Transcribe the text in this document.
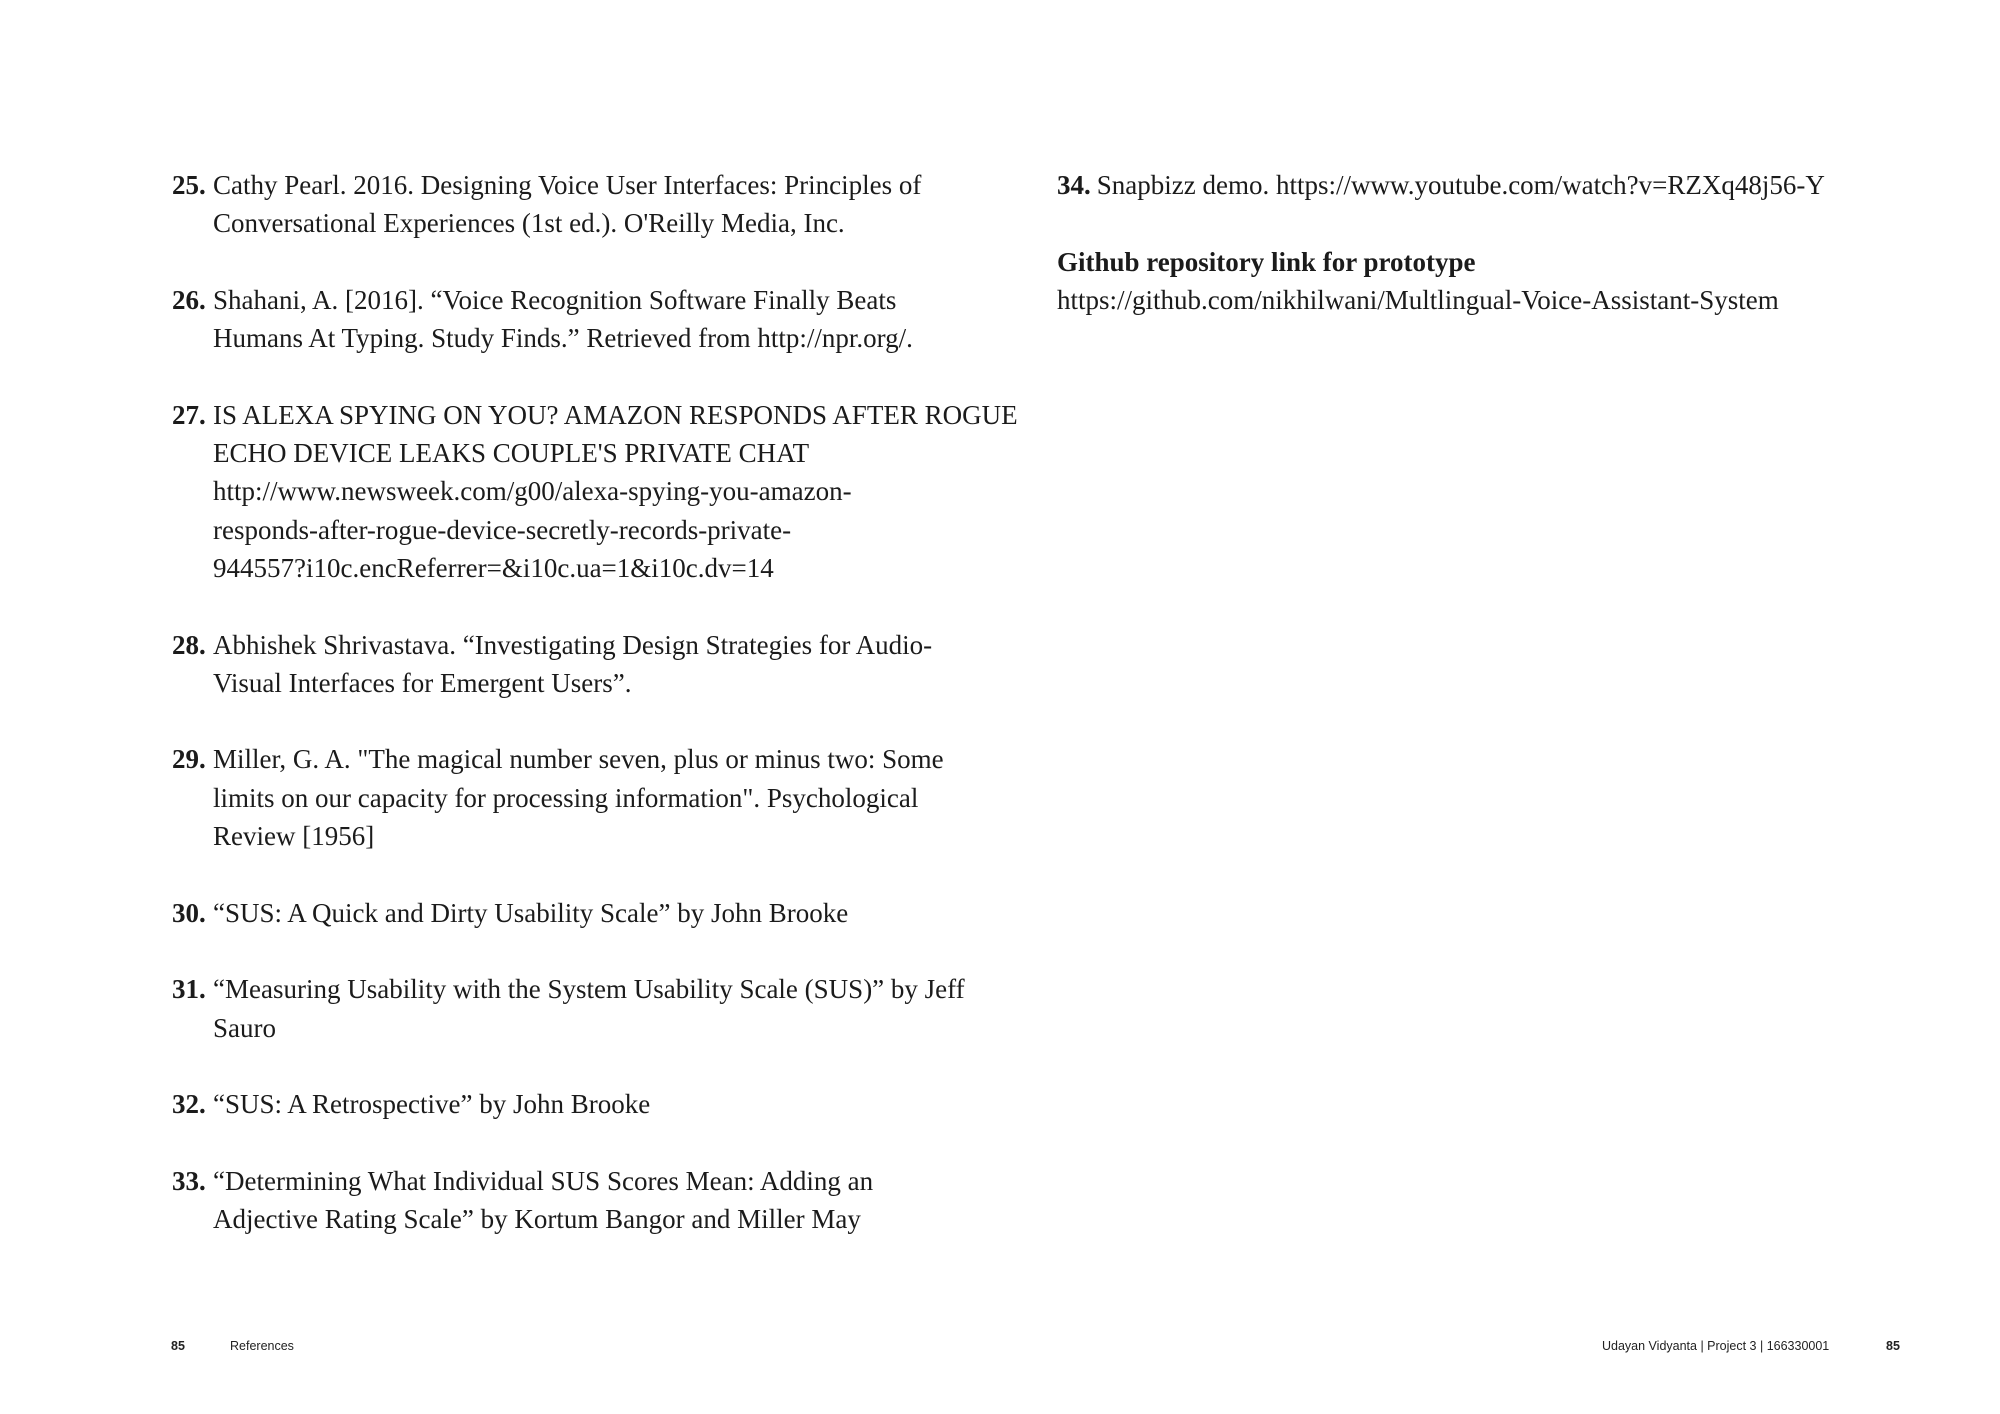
25. Cathy Pearl. 2016. Designing Voice User Interfaces: Principles of
Conversational Experiences (1st ed.). O'Reilly Media, Inc.
26. Shahani, A. [2016]. “Voice Recognition Software Finally Beats
Humans At Typing. Study Finds.” Retrieved from http://npr.org/.
27. IS ALEXA SPYING ON YOU? AMAZON RESPONDS AFTER ROGUE
ECHO DEVICE LEAKS COUPLE'S PRIVATE CHAT
http://www.newsweek.com/g00/alexa-spying-you-amazon-
responds-after-rogue-device-secretly-records-private-
944557?i10c.encReferrer=&i10c.ua=1&i10c.dv=14
28. Abhishek Shrivastava. “Investigating Design Strategies for Audio-
Visual Interfaces for Emergent Users”.
29. Miller, G. A. "The magical number seven, plus or minus two: Some
limits on our capacity for processing information". Psychological
Review [1956]
30. “SUS: A Quick and Dirty Usability Scale” by John Brooke
31. “Measuring Usability with the System Usability Scale (SUS)” by Jeff
Sauro
32. “SUS: A Retrospective” by John Brooke
33. “Determining What Individual SUS Scores Mean: Adding an
Adjective Rating Scale” by Kortum Bangor and Miller May
34. Snapbizz demo. https://www.youtube.com/watch?v=RZXq48j56-Y
Github repository link for prototype
https://github.com/nikhilwani/Multlingual-Voice-Assistant-System
85	References	Udayan Vidyanta | Project 3 | 166330001	85
